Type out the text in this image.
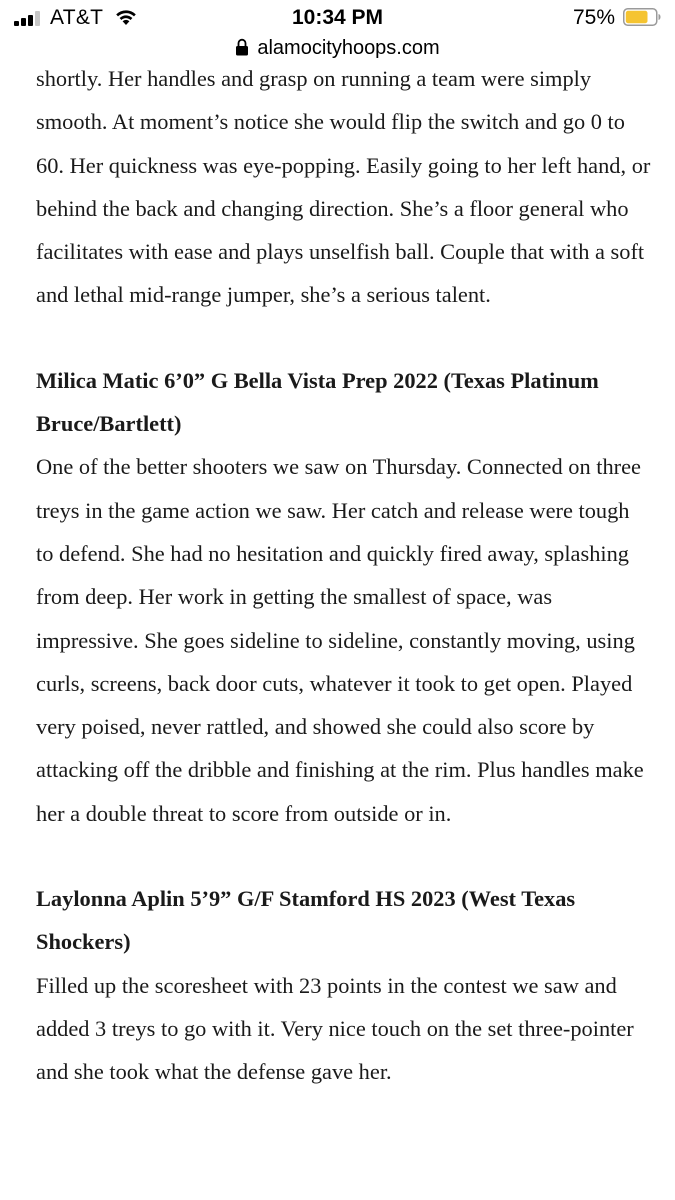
AT&T	10:34 PM	75%
alamocityhoops.com

shortly. Her handles and grasp on running a team were simply smooth. At moment’s notice she would flip the switch and go 0 to 60. Her quickness was eye-popping. Easily going to her left hand, or behind the back and changing direction. She’s a floor general who facilitates with ease and plays unselfish ball. Couple that with a soft and lethal mid-range jumper, she’s a serious talent.

Milica Matic 6’0” G Bella Vista Prep 2022 (Texas Platinum Bruce/Bartlett)

One of the better shooters we saw on Thursday. Connected on three treys in the game action we saw. Her catch and release were tough to defend. She had no hesitation and quickly fired away, splashing from deep. Her work in getting the smallest of space, was impressive. She goes sideline to sideline, constantly moving, using curls, screens, back door cuts, whatever it took to get open. Played very poised, never rattled, and showed she could also score by attacking off the dribble and finishing at the rim. Plus handles make her a double threat to score from outside or in.

Laylonna Aplin 5’9” G/F Stamford HS 2023 (West Texas Shockers)

Filled up the scoresheet with 23 points in the contest we saw and added 3 treys to go with it. Very nice touch on the set three-pointer and she took what the defense gave her.
